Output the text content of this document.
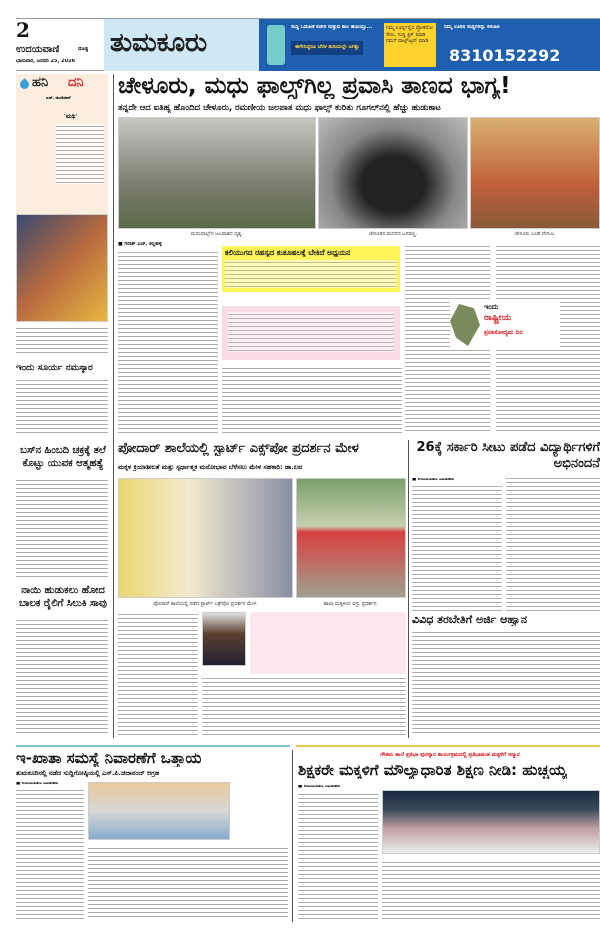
2
ಉದಯವಾಣಿ	ದೊಡ್ಡ
ಭಾನುವಾರ, ಜನವರಿ 25, 2026
ತುಮಕೂರು
ಸುದ್ದಿ ಓದೋಕೆ ಕಚೇರಿ ಸುತ್ತುವ ಕಾಲ ಹೋಯ್ತು...
ಈಗೇನಿದ್ದರೂ ಬೆರಳ ತುದಿಯಲ್ಲೇ ಜಗತ್ತು
ನಿಮ್ಮ ಊರ್ನ್ನಲ್ಲಿನ ಪ್ರೋಕರೋ ಸೇರು, ಸುದ್ದಿ ಕ್ಲಿಕ್ ಮಾಡಿ ನಮಗೆ ವಾಟ್ಸ್ಆ್ಯಪ್ ಮಾಡಿ
ನಿಮ್ಮ ಊರಿನ ಸುದ್ದಿಗಳನ್ನು ಕಳುಹಿಸಿ
8310152292
ಹನಿ ದನಿ
ಎಚ್. ಡುಂಡಿರಾಜ್
'ಮಥಿ'
ಇಂದು ಸೂರ್ಯ ನಮಸ್ಕಾರ
ಬಸ್‌ನ ಹಿಂಬದಿ ಚಕ್ರಕ್ಕೆ ತಲೆ ಕೊಟ್ಟು ಯುವಕ ಆತ್ಮಹತ್ಯೆ
ನಾಯಿ ಹುಡುಕಲು ಹೋದ ಬಾಲಕ ರೈಲಿಗೆ ಸಿಲುಕಿ ಸಾವು
ಚೇಳೂರು, ಮಧು ಫಾಲ್ಸ್‌ಗಿಲ್ಲ ಪ್ರವಾಸಿ ತಾಣದ ಭಾಗ್ಯ!
ತನ್ನದೇ ಆದ ಐತಿಹ್ಯ ಹೊಂದಿದ ಚೇಳೂರು, ರಮಣೀಯ ಜಲಪಾತ ಮಧು ಫಾಲ್ಸ್ ಕುರಿತು ಗೂಗಲ್‌ನಲ್ಲಿ ಹೆಚ್ಚು ಹುಡುಕಾಟ
ಮಧುಫಾಲ್ಸ್‌ನ ಜಲಪಾತದ ದೃಶ್ಯ.	ಚೇಳೂರಿನ ಮದಗದ ಬಸವಣ್ಣ.	ಚೇಳೂರು ಬಂಡೆ ದೇಗುಲ.
■ ಗಿರೀಶ್ ಎಚ್. ಕಲ್ಲಿಹಳ್ಳಿ
ಕಲಿಯುಗದ ರಹಸ್ಯದ ಕುತೂಹಲಕ್ಕೆ ಬೇಕಿದೆ ಅಧ್ಯಯನ
ಇಂದು
ರಾಷ್ಟ್ರೀಯ
ಪ್ರವಾಸೋದ್ಯಮ ದಿನ
ಪೋದಾರ್ ಶಾಲೆಯಲ್ಲಿ ಸ್ಟಾರ್ಟ್ ಎಕ್ಸ್‌ಪೋ ಪ್ರದರ್ಶನ ಮೇಳ
ಮಕ್ಕಳ ಕ್ರಿಯಾಶೀಲತೆ ಮತ್ತು ಸ್ಪರ್ಧಾತ್ಮಕ ಮನೋಭಾವ ಬೆಳೆಸಲು ಮೇಳ ಸಹಕಾರಿ: ಡಾ.ಲವ
ಪೋದಾರ್ ಶಾಲೆಯಲ್ಲಿ ನಡೆದ ಸ್ಟಾರ್ಟ್ ಎಕ್ಸ್‌ಪೋ ಪ್ರದರ್ಶನ ಮೇಳ.	ಶಾಲಾ ಮಕ್ಕಳಿಂದ ವಸ್ತು ಪ್ರದರ್ಶನ.
26ಕ್ಕೆ ಸರ್ಕಾರಿ ಸೀಟು ಪಡೆದ ವಿದ್ಯಾರ್ಥಿಗಳಿಗೆ ಅಭಿನಂದನೆ
■ ಉದಯವಾಣಿ ಸಮಾಚಾರ
ವಿವಿಧ ತರಬೇತಿಗೆ ಅರ್ಜಿ ಆಹ್ವಾನ
ಇ-ಖಾತಾ ಸಮಸ್ಯೆ ನಿವಾರಣೆಗೆ ಒತ್ತಾಯ
ತುಮಕೂರಿನಲ್ಲಿ ನಡೆದ ಸುದ್ದಿಗೋಷ್ಠಿಯಲ್ಲಿ ಎಸ್.ಪಿ.ಚಿದಾನಂದ್ ಆಗ್ರಹ
■ ಉದಯವಾಣಿ ಸಮಾಚಾರ
ಗೌತಮ ಶಾಲೆ ಪ್ರತಿಭಾ ಪುರಸ್ಕಾರ ಕಾರ್ಯಕ್ರಮದಲ್ಲಿ ಪ್ರತಿಭಾವಂತ ಮಕ್ಕಳಿಗೆ ಸನ್ಮಾನ
ಶಿಕ್ಷಕರೇ ಮಕ್ಕಳಿಗೆ ಮೌಲ್ಯಾಧಾರಿತ ಶಿಕ್ಷಣ ನೀಡಿ: ಹುಚ್ಚಯ್ಯ
■ ಉದಯವಾಣಿ ಸಮಾಚಾರ
